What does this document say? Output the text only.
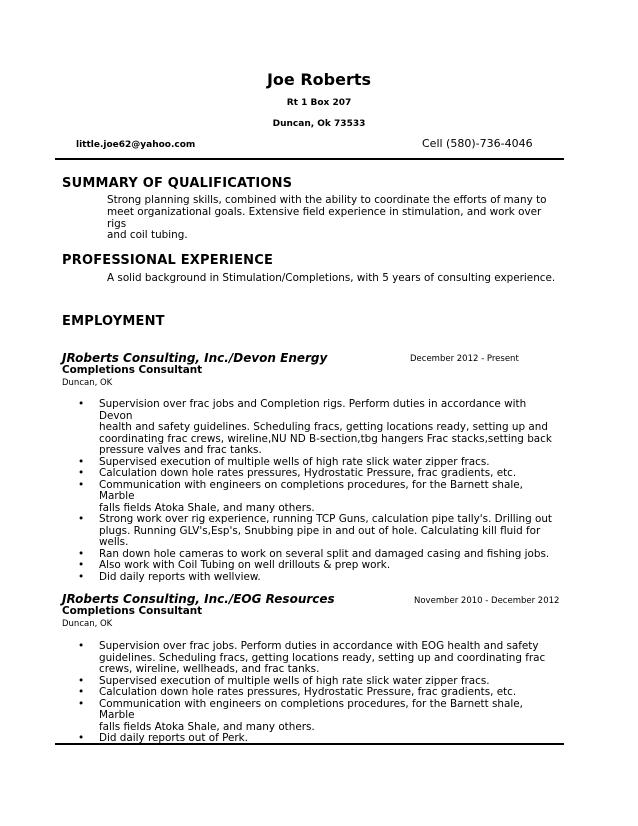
Joe Roberts
Rt 1 Box 207
Duncan, Ok 73533
little.joe62@yahoo.com	Cell (580)-736-4046
SUMMARY OF QUALIFICATIONS
Strong planning skills, combined with the ability to coordinate the efforts of many to
meet organizational goals. Extensive field experience in stimulation, and work over rigs
and coil tubing.
PROFESSIONAL EXPERIENCE
A solid background in Stimulation/Completions, with 5 years of consulting experience.
EMPLOYMENT
JRoberts Consulting, Inc./Devon Energy	December 2012 - Present
Completions Consultant
Duncan, OK
• Supervision over frac jobs and Completion rigs. Perform duties in accordance with Devon
health and safety guidelines. Scheduling fracs, getting locations ready, setting up and
coordinating frac crews, wireline,NU ND B-section,tbg hangers Frac stacks,setting back
pressure valves and frac tanks.
• Supervised execution of multiple wells of high rate slick water zipper fracs.
• Calculation down hole rates pressures, Hydrostatic Pressure, frac gradients, etc.
• Communication with engineers on completions procedures, for the Barnett shale, Marble
falls fields Atoka Shale, and many others.
• Strong work over rig experience, running TCP Guns, calculation pipe tally's. Drilling out
plugs. Running GLV's,Esp's, Snubbing pipe in and out of hole. Calculating kill fluid for
wells.
• Ran down hole cameras to work on several split and damaged casing and fishing jobs.
• Also work with Coil Tubing on well drillouts & prep work.
• Did daily reports with wellview.
JRoberts Consulting, Inc./EOG Resources	November 2010 - December 2012
Completions Consultant
Duncan, OK
• Supervision over frac jobs. Perform duties in accordance with EOG health and safety
guidelines. Scheduling fracs, getting locations ready, setting up and coordinating frac
crews, wireline, wellheads, and frac tanks.
• Supervised execution of multiple wells of high rate slick water zipper fracs.
• Calculation down hole rates pressures, Hydrostatic Pressure, frac gradients, etc.
• Communication with engineers on completions procedures, for the Barnett shale, Marble
falls fields Atoka Shale, and many others.
• Did daily reports out of Perk.
